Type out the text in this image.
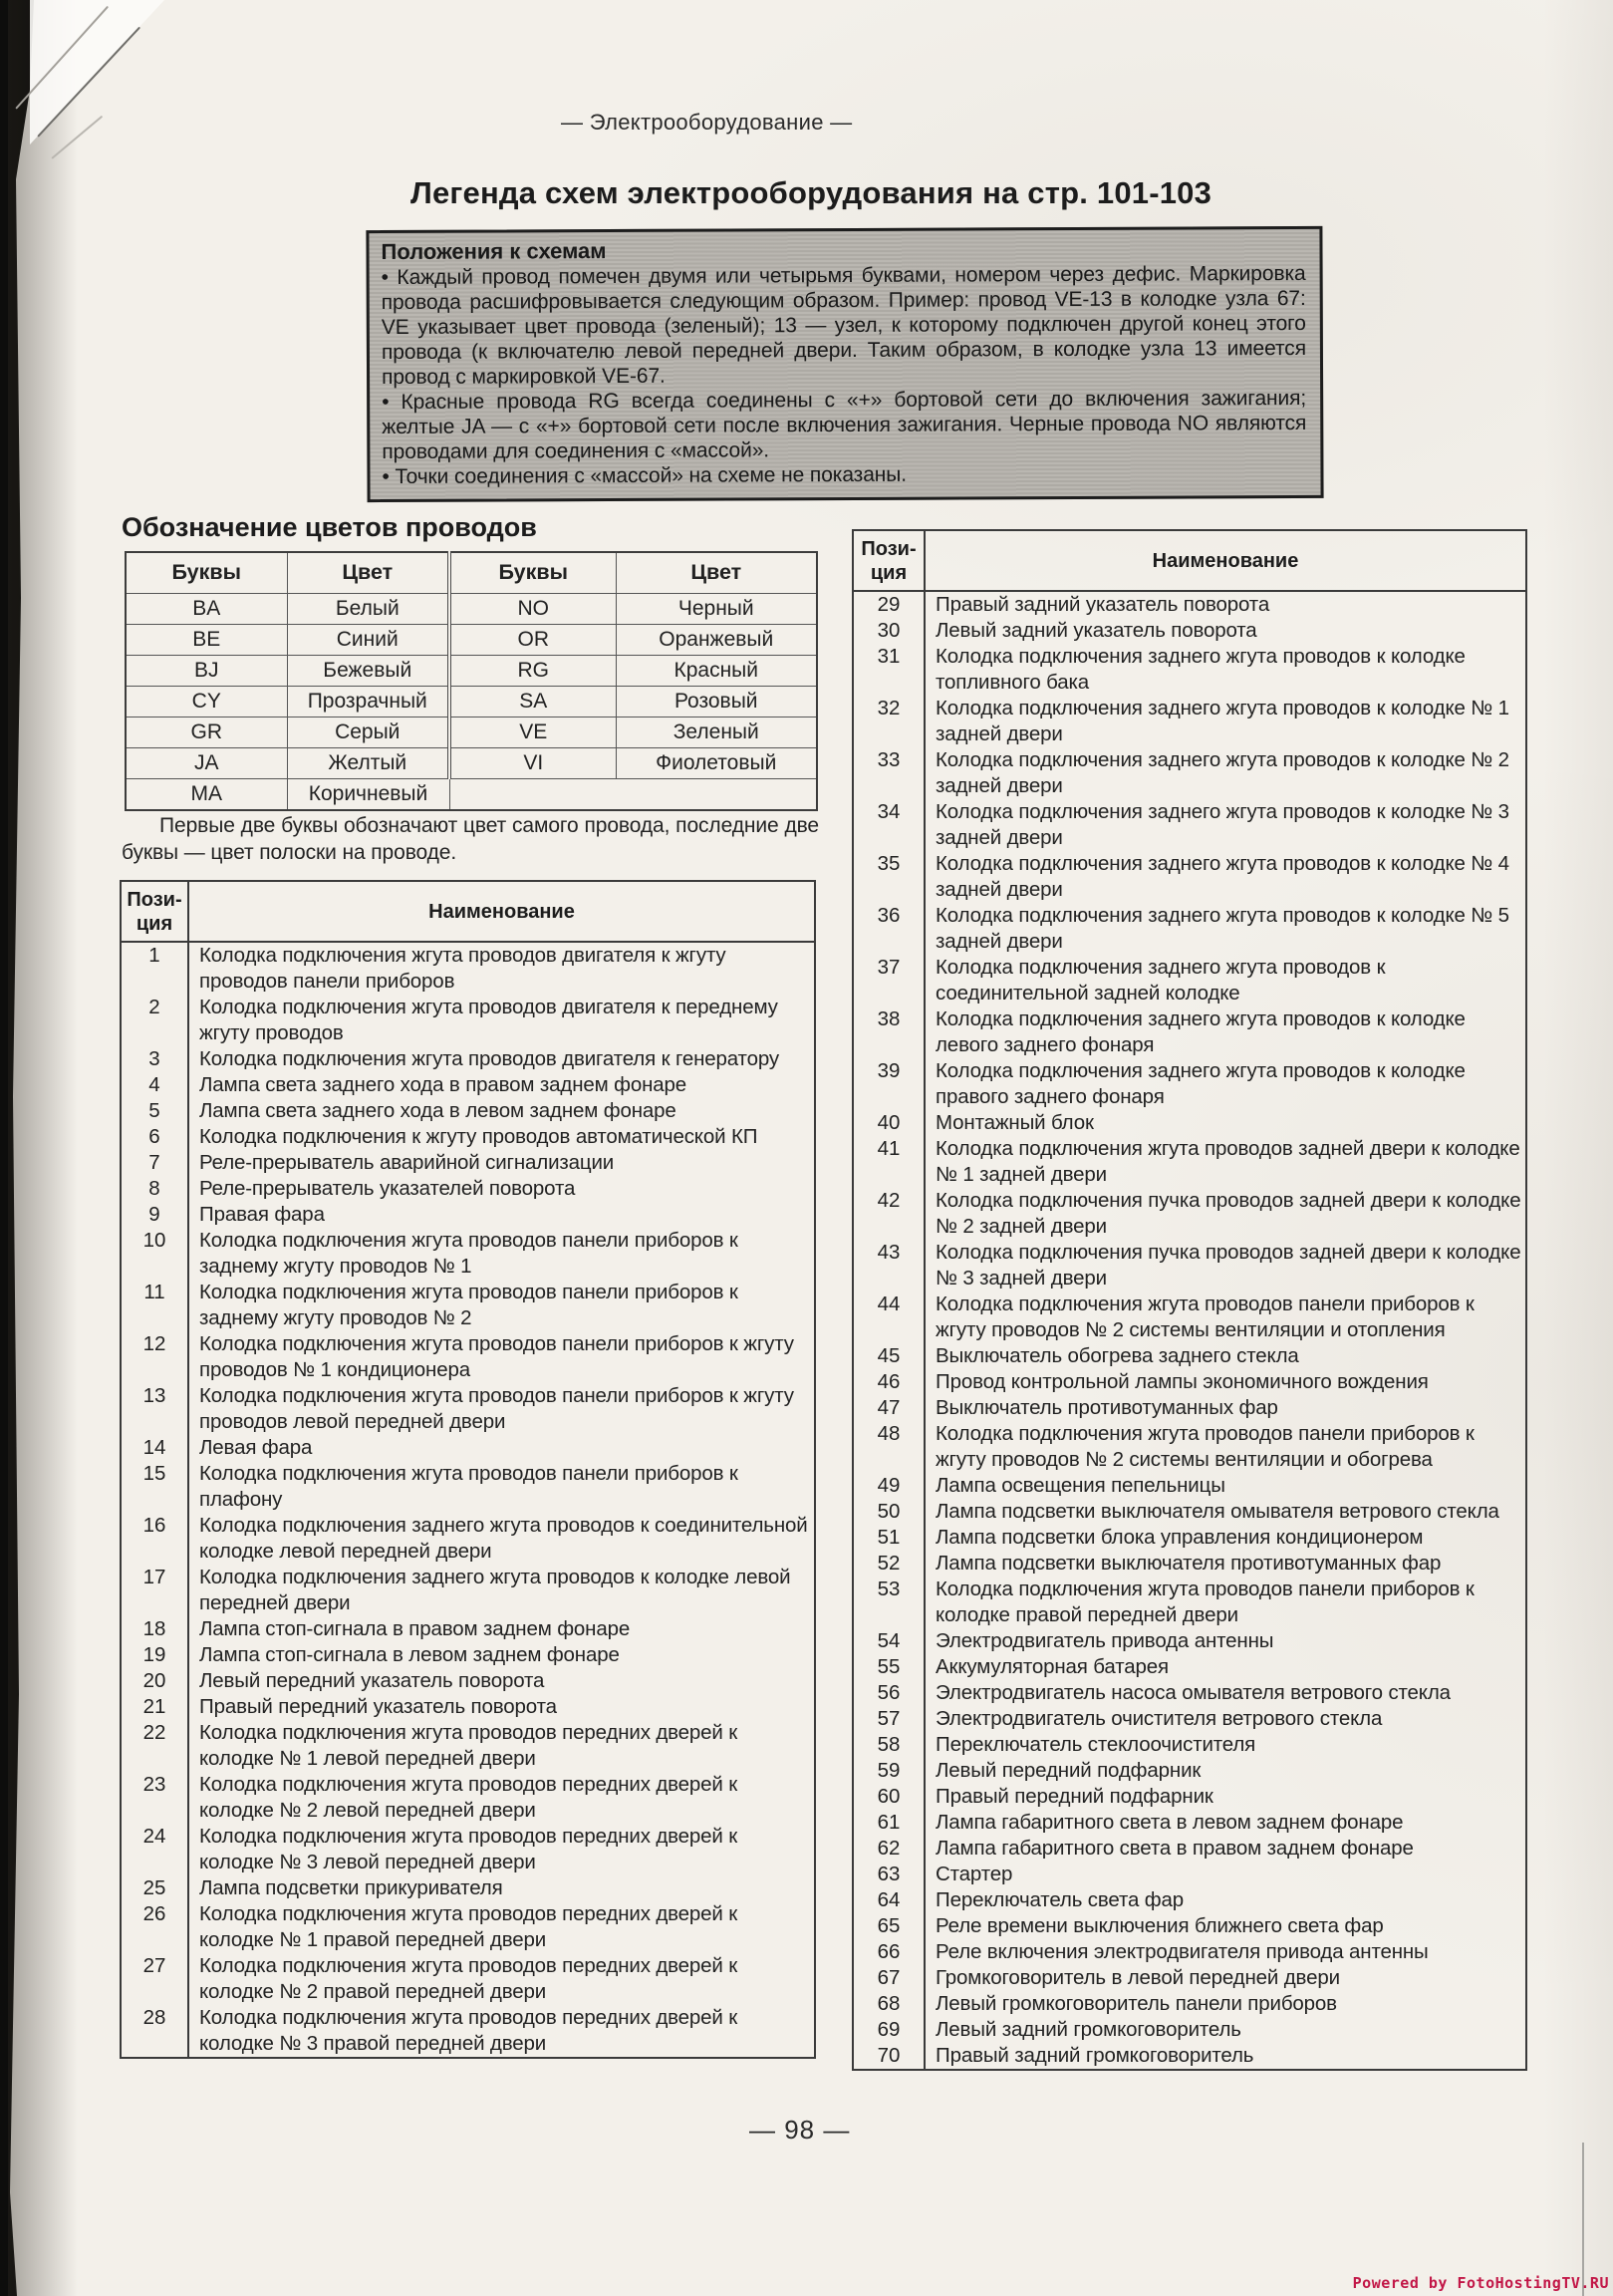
— Электрооборудование —
Легенда схем электрооборудования на стр. 101-103
Положения к схемам

• Каждый провод помечен двумя или четырьмя буквами, номером через дефис. Маркировка провода расшифровывается следующим образом. Пример: провод VE-13 в колодке узла 67: VE указывает цвет провода (зеленый); 13 — узел, к которому подключен другой конец этого провода (к включателю левой передней двери. Таким образом, в колодке узла 13 имеется провод с маркировкой VE-67.

• Красные провода RG всегда соединены с «+» бортовой сети до включения зажигания; желтые JA — с «+» бортовой сети после включения зажигания. Черные провода NO являются проводами для соединения с «массой».

• Точки соединения с «массой» на схеме не показаны.

Обозначение цветов проводов
Буквы	Цвет	Буквы	Цвет
BA	Белый	NO	Черный
BE	Синий	OR	Оранжевый
BJ	Бежевый	RG	Красный
CY	Прозрачный	SA	Розовый
GR	Серый	VE	Зеленый
JA	Желтый	VI	Фиолетовый
MA	Коричневый		

Первые две буквы обозначают цвет самого провода, последние две буквы — цвет полоски на проводе.

Пози-
ция	Наименование
1	Колодка подключения жгута проводов двигателя к жгуту проводов панели приборов
2	Колодка подключения жгута проводов двигателя к переднему жгуту проводов
3	Колодка подключения жгута проводов двигателя к генератору
4	Лампа света заднего хода в правом заднем фонаре
5	Лампа света заднего хода в левом заднем фонаре
6	Колодка подключения к жгуту проводов автоматической КП
7	Реле-прерыватель аварийной сигнализации
8	Реле-прерыватель указателей поворота
9	Правая фара
10	Колодка подключения жгута проводов панели приборов к заднему жгуту проводов № 1
11	Колодка подключения жгута проводов панели приборов к заднему жгуту проводов № 2
12	Колодка подключения жгута проводов панели приборов к жгуту проводов № 1 кондиционера
13	Колодка подключения жгута проводов панели приборов к жгуту проводов левой передней двери
14	Левая фара
15	Колодка подключения жгута проводов панели приборов к плафону
16	Колодка подключения заднего жгута проводов к соединительной колодке левой передней двери
17	Колодка подключения заднего жгута проводов к колодке левой передней двери
18	Лампа стоп-сигнала в правом заднем фонаре
19	Лампа стоп-сигнала в левом заднем фонаре
20	Левый передний указатель поворота
21	Правый передний указатель поворота
22	Колодка подключения жгута проводов передних дверей к колодке № 1 левой передней двери
23	Колодка подключения жгута проводов передних дверей к колодке № 2 левой передней двери
24	Колодка подключения жгута проводов передних дверей к колодке № 3 левой передней двери
25	Лампа подсветки прикуривателя
26	Колодка подключения жгута проводов передних дверей к колодке № 1 правой передней двери
27	Колодка подключения жгута проводов передних дверей к колодке № 2 правой передней двери
28	Колодка подключения жгута проводов передних дверей к колодке № 3 правой передней двери
Пози-
ция	Наименование
29	Правый задний указатель поворота
30	Левый задний указатель поворота
31	Колодка подключения заднего жгута проводов к колодке топливного бака
32	Колодка подключения заднего жгута проводов к колодке № 1 задней двери
33	Колодка подключения заднего жгута проводов к колодке № 2 задней двери
34	Колодка подключения заднего жгута проводов к колодке № 3 задней двери
35	Колодка подключения заднего жгута проводов к колодке № 4 задней двери
36	Колодка подключения заднего жгута проводов к колодке № 5 задней двери
37	Колодка подключения заднего жгута проводов к соединительной задней колодке
38	Колодка подключения заднего жгута проводов к колодке левого заднего фонаря
39	Колодка подключения заднего жгута проводов к колодке правого заднего фонаря
40	Монтажный блок
41	Колодка подключения жгута проводов задней двери к колодке № 1 задней двери
42	Колодка подключения пучка проводов задней двери к колодке № 2 задней двери
43	Колодка подключения пучка проводов задней двери к колодке № 3 задней двери
44	Колодка подключения жгута проводов панели приборов к жгуту проводов № 2 системы вентиляции и отопления
45	Выключатель обогрева заднего стекла
46	Провод контрольной лампы экономичного вождения
47	Выключатель противотуманных фар
48	Колодка подключения жгута проводов панели приборов к жгуту проводов № 2 системы вентиляции и обогрева
49	Лампа освещения пепельницы
50	Лампа подсветки выключателя омывателя ветрового стекла
51	Лампа подсветки блока управления кондиционером
52	Лампа подсветки выключателя противотуманных фар
53	Колодка подключения жгута проводов панели приборов к колодке правой передней двери
54	Электродвигатель привода антенны
55	Аккумуляторная батарея
56	Электродвигатель насоса омывателя ветрового стекла
57	Электродвигатель очистителя ветрового стекла
58	Переключатель стеклоочистителя
59	Левый передний подфарник
60	Правый передний подфарник
61	Лампа габаритного света в левом заднем фонаре
62	Лампа габаритного света в правом заднем фонаре
63	Стартер
64	Переключатель света фар
65	Реле времени выключения ближнего света фар
66	Реле включения электродвигателя привода антенны
67	Громкоговоритель в левой передней двери
68	Левый громкоговоритель панели приборов
69	Левый задний громкоговоритель
70	Правый задний громкоговоритель
— 98 —
Powered by FotoHostingTV.RU
